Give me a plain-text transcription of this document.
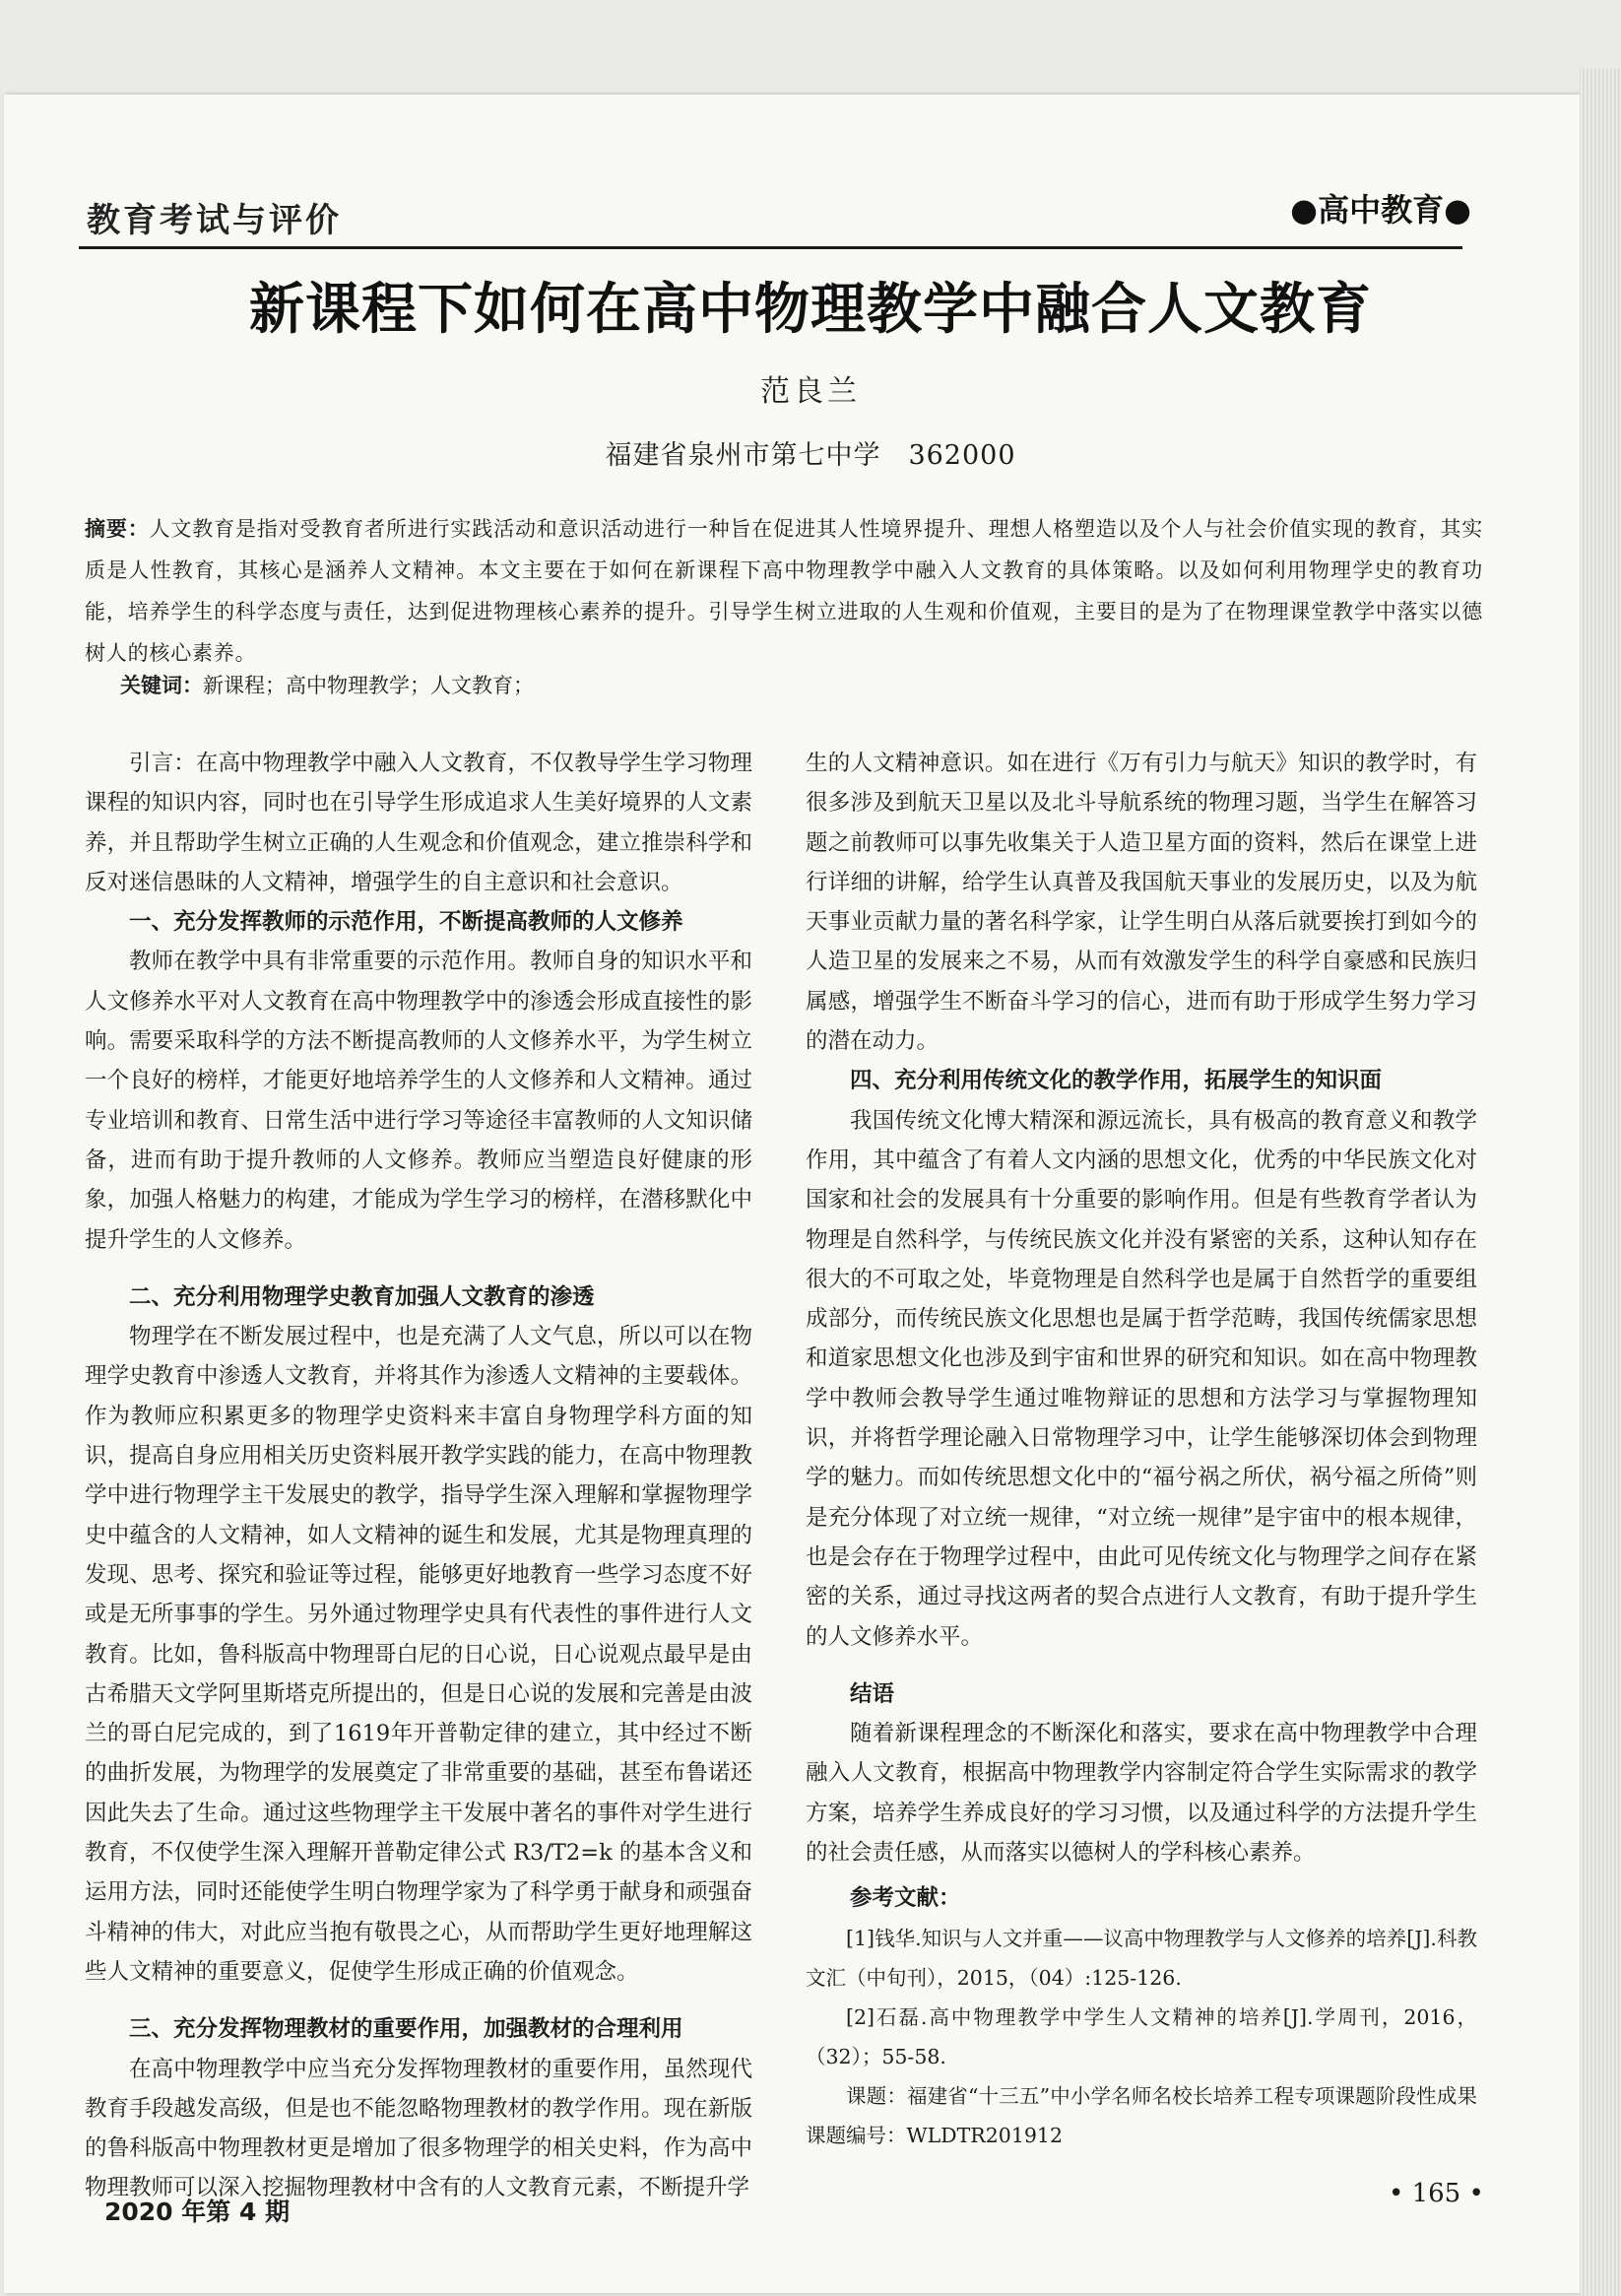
教育考试与评价	●高中教育●
新课程下如何在高中物理教学中融合人文教育
范良兰
福建省泉州市第七中学　362000
摘要：人文教育是指对受教育者所进行实践活动和意识活动进行一种旨在促进其人性境界提升、理想人格塑造以及个人与社会价值实现的教育，其实质是人性教育，其核心是涵养人文精神。本文主要在于如何在新课程下高中物理教学中融入人文教育的具体策略。以及如何利用物理学史的教育功能，培养学生的科学态度与责任，达到促进物理核心素养的提升。引导学生树立进取的人生观和价值观，主要目的是为了在物理课堂教学中落实以德树人的核心素养。
关键词：新课程；高中物理教学；人文教育；

引言：在高中物理教学中融入人文教育，不仅教导学生学习物理课程的知识内容，同时也在引导学生形成追求人生美好境界的人文素养，并且帮助学生树立正确的人生观念和价值观念，建立推崇科学和反对迷信愚昧的人文精神，增强学生的自主意识和社会意识。

一、充分发挥教师的示范作用，不断提高教师的人文修养

教师在教学中具有非常重要的示范作用。教师自身的知识水平和人文修养水平对人文教育在高中物理教学中的渗透会形成直接性的影响。需要采取科学的方法不断提高教师的人文修养水平，为学生树立一个良好的榜样，才能更好地培养学生的人文修养和人文精神。通过专业培训和教育、日常生活中进行学习等途径丰富教师的人文知识储备，进而有助于提升教师的人文修养。教师应当塑造良好健康的形象，加强人格魅力的构建，才能成为学生学习的榜样，在潜移默化中提升学生的人文修养。

二、充分利用物理学史教育加强人文教育的渗透

物理学在不断发展过程中，也是充满了人文气息，所以可以在物理学史教育中渗透人文教育，并将其作为渗透人文精神的主要载体。作为教师应积累更多的物理学史资料来丰富自身物理学科方面的知识，提高自身应用相关历史资料展开教学实践的能力，在高中物理教学中进行物理学主干发展史的教学，指导学生深入理解和掌握物理学史中蕴含的人文精神，如人文精神的诞生和发展，尤其是物理真理的发现、思考、探究和验证等过程，能够更好地教育一些学习态度不好或是无所事事的学生。另外通过物理学史具有代表性的事件进行人文教育。比如，鲁科版高中物理哥白尼的日心说，日心说观点最早是由古希腊天文学阿里斯塔克所提出的，但是日心说的发展和完善是由波兰的哥白尼完成的，到了1619年开普勒定律的建立，其中经过不断的曲折发展，为物理学的发展奠定了非常重要的基础，甚至布鲁诺还因此失去了生命。通过这些物理学主干发展中著名的事件对学生进行教育，不仅使学生深入理解开普勒定律公式 R3/T2=k 的基本含义和运用方法，同时还能使学生明白物理学家为了科学勇于献身和顽强奋斗精神的伟大，对此应当抱有敬畏之心，从而帮助学生更好地理解这些人文精神的重要意义，促使学生形成正确的价值观念。

三、充分发挥物理教材的重要作用，加强教材的合理利用

在高中物理教学中应当充分发挥物理教材的重要作用，虽然现代教育手段越发高级，但是也不能忽略物理教材的教学作用。现在新版的鲁科版高中物理教材更是增加了很多物理学的相关史料，作为高中物理教师可以深入挖掘物理教材中含有的人文教育元素，不断提升学

生的人文精神意识。如在进行《万有引力与航天》知识的教学时，有很多涉及到航天卫星以及北斗导航系统的物理习题，当学生在解答习题之前教师可以事先收集关于人造卫星方面的资料，然后在课堂上进行详细的讲解，给学生认真普及我国航天事业的发展历史，以及为航天事业贡献力量的著名科学家，让学生明白从落后就要挨打到如今的人造卫星的发展来之不易，从而有效激发学生的科学自豪感和民族归属感，增强学生不断奋斗学习的信心，进而有助于形成学生努力学习的潜在动力。

四、充分利用传统文化的教学作用，拓展学生的知识面

我国传统文化博大精深和源远流长，具有极高的教育意义和教学作用，其中蕴含了有着人文内涵的思想文化，优秀的中华民族文化对国家和社会的发展具有十分重要的影响作用。但是有些教育学者认为物理是自然科学，与传统民族文化并没有紧密的关系，这种认知存在很大的不可取之处，毕竟物理是自然科学也是属于自然哲学的重要组成部分，而传统民族文化思想也是属于哲学范畴，我国传统儒家思想和道家思想文化也涉及到宇宙和世界的研究和知识。如在高中物理教学中教师会教导学生通过唯物辩证的思想和方法学习与掌握物理知识，并将哲学理论融入日常物理学习中，让学生能够深切体会到物理学的魅力。而如传统思想文化中的“福兮祸之所伏，祸兮福之所倚”则是充分体现了对立统一规律，“对立统一规律”是宇宙中的根本规律，也是会存在于物理学过程中，由此可见传统文化与物理学之间存在紧密的关系，通过寻找这两者的契合点进行人文教育，有助于提升学生的人文修养水平。

结语

随着新课程理念的不断深化和落实，要求在高中物理教学中合理融入人文教育，根据高中物理教学内容制定符合学生实际需求的教学方案，培养学生养成良好的学习习惯，以及通过科学的方法提升学生的社会责任感，从而落实以德树人的学科核心素养。

参考文献：

[1]钱华.知识与人文并重——议高中物理教学与人文修养的培养[J].科教文汇（中旬刊），2015，（04）:125-126.

[2]石磊.高中物理教学中学生人文精神的培养[J].学周刊，2016，（32）；55-58.

课题：福建省“十三五”中小学名师名校长培养工程专项课题阶段性成果 课题编号：WLDTR201912

2020 年第 4 期
• 165 •
